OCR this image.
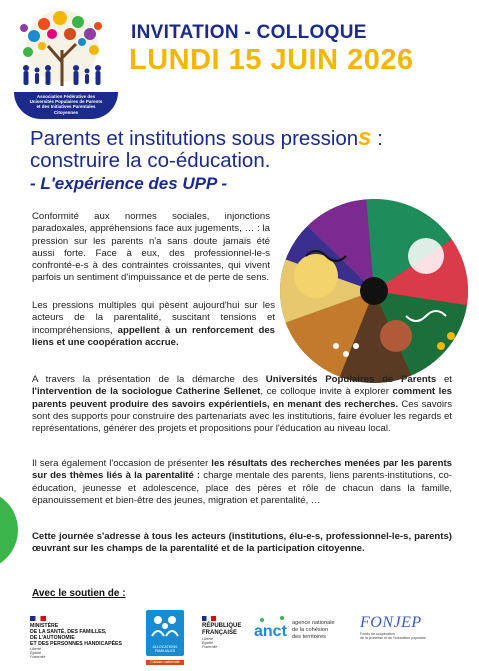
Association Fédérative des
Universités Populaires de Parents
et des Initiatives Parentales
Citoyennes
INVITATION - COLLOQUE
LUNDI 15 JUIN 2026
Parents et institutions sous pressions :
construire la co-éducation.
- L'expérience des UPP -

Conformité aux normes sociales, injonctions paradoxales, appréhensions face aux jugements, … : la pression sur les parents n'a sans doute jamais été aussi forte. Face à eux, des professionnel-le-s confronté-e-s à des contraintes croissantes, qui vivent parfois un sentiment d'impuissance et de perte de sens.

Les pressions multiples qui pèsent aujourd'hui sur les acteurs de la parentalité, suscitant tensions et incompréhensions, appellent à un renforcement des liens et une coopération accrue.

A travers la présentation de la démarche des Universités Populaires de Parents et l'intervention de la sociologue Catherine Sellenet, ce colloque invite à explorer comment les parents peuvent produire des savoirs expérientiels, en menant des recherches. Ces savoirs sont des supports pour construire des partenariats avec les institutions, faire évoluer les regards et représentations, générer des projets et propositions pour l'éducation au niveau local.

Il sera également l'occasion de présenter les résultats des recherches menées par les parents sur des thèmes liés à la parentalité : charge mentale des parents, liens parents-institutions, co-éducation, jeunesse et adolescence, place des pères et rôle de chacun dans la famille, épanouissement et bien-être des jeunes, migration et parentalité, …

Cette journée s'adresse à tous les acteurs (institutions, élu-e-s, professionnel-le-s, parents) œuvrant sur les champs de la parentalité et de la participation citoyenne.

Avec le soutien de :
MINISTÈRE
DE LA SANTÉ, DES FAMILLES,
DE L'AUTONOMIE
ET DES PERSONNES HANDICAPÉES
Liberté
Égalité
Fraternité
ALLOCATIONS FAMILIALES
Caisse nationale
RÉPUBLIQUE
FRANÇAISE
Liberté
Égalité
Fraternité
anct agence nationale
de la cohésion
des territoires
FONJEP
Fonds de coopération
de la jeunesse et de l'éducation populaire
